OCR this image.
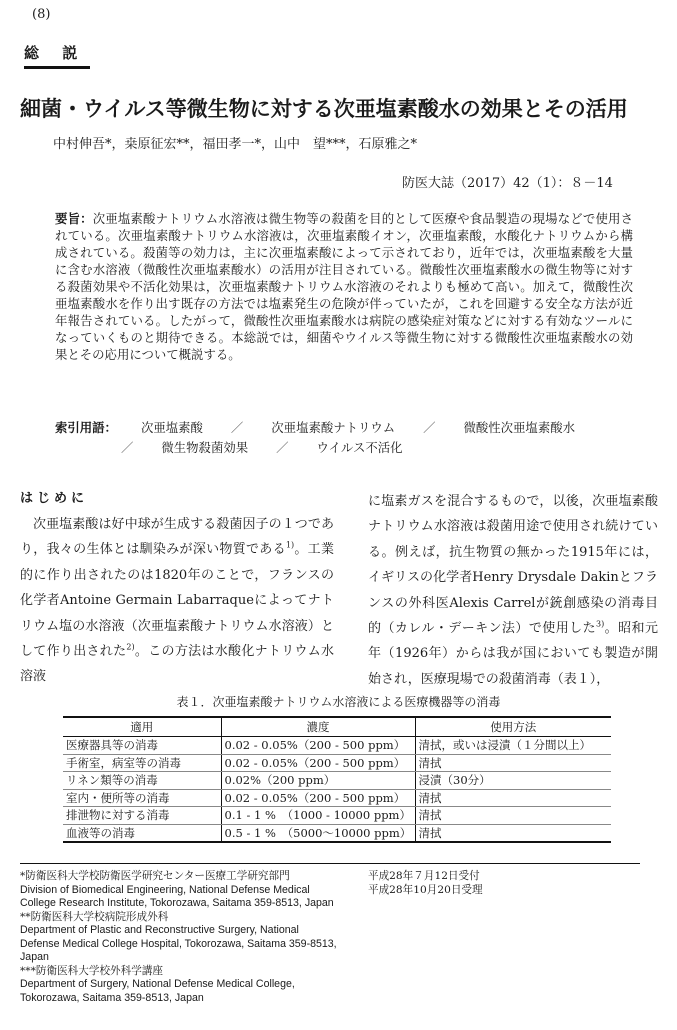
(8)
総 説
細菌・ウイルス等微生物に対する次亜塩素酸水の効果とその活用
中村伸吾*，桒原征宏**，福田孝一*，山中　望***，石原雅之*
防医大誌（2017）42（1）：８－14
要旨：次亜塩素酸ナトリウム水溶液は微生物等の殺菌を目的として医療や食品製造の現場などで使用されている。次亜塩素酸ナトリウム水溶液は，次亜塩素酸イオン，次亜塩素酸，水酸化ナトリウムから構成されている。殺菌等の効力は，主に次亜塩素酸によって示されており，近年では，次亜塩素酸を大量に含む水溶液（微酸性次亜塩素酸水）の活用が注目されている。微酸性次亜塩素酸水の微生物等に対する殺菌効果や不活化効果は，次亜塩素酸ナトリウム水溶液のそれよりも極めて高い。加えて，微酸性次亜塩素酸水を作り出す既存の方法では塩素発生の危険が伴っていたが，これを回避する安全な方法が近年報告されている。したがって，微酸性次亜塩素酸水は病院の感染症対策などに対する有効なツールになっていくものと期待できる。本総説では，細菌やウイルス等微生物に対する微酸性次亜塩素酸水の効果とその応用について概説する。
索引用語： 次亜塩素酸 ／ 次亜塩素酸ナトリウム ／ 微酸性次亜塩素酸水
／ 微生物殺菌効果 ／ ウイルス不活化
はじめに

次亜塩素酸は好中球が生成する殺菌因子の１つであり，我々の生体とは馴染みが深い物質である$^{1)}$。工業的に作り出されたのは1820年のことで，フランスの化学者Antoine Germain Labarraqueによってナトリウム塩の水溶液（次亜塩素酸ナトリウム水溶液）として作り出された$^{2)}$。この方法は水酸化ナトリウム水溶液

に塩素ガスを混合するもので，以後，次亜塩素酸ナトリウム水溶液は殺菌用途で使用され続けている。例えば，抗生物質の無かった1915年には，イギリスの化学者Henry Drysdale Dakinとフランスの外科医Alexis Carrelが銃創感染の消毒目的（カレル・デーキン法）で使用した$^{3)}$。昭和元年（1926年）からは我が国においても製造が開始され，医療現場での殺菌消毒（表１），

表１．次亜塩素酸ナトリウム水溶液による医療機器等の消毒
適用	濃度	使用方法
医療器具等の消毒	0.02 - 0.05%（200 - 500 ppm）	清拭，或いは浸漬（１分間以上）
手術室，病室等の消毒	0.02 - 0.05%（200 - 500 ppm）	清拭
リネン類等の消毒	0.02%（200 ppm）	浸漬（30分）
室内・便所等の消毒	0.02 - 0.05%（200 - 500 ppm）	清拭
排泄物に対する消毒	0.1 - 1 %　（1000 - 10000 ppm）	清拭
血液等の消毒	0.5 - 1 %　（5000～10000 ppm）	清拭
*防衛医科大学校防衛医学研究センター医療工学研究部門
Division of Biomedical Engineering, National Defense Medical College Research Institute, Tokorozawa, Saitama 359-8513, Japan
**防衛医科大学校病院形成外科
Department of Plastic and Reconstructive Surgery, National Defense Medical College Hospital, Tokorozawa, Saitama 359-8513, Japan
***防衛医科大学校外科学講座
Department of Surgery, National Defense Medical College, Tokorozawa, Saitama 359-8513, Japan
平成28年７月12日受付
平成28年10月20日受理
